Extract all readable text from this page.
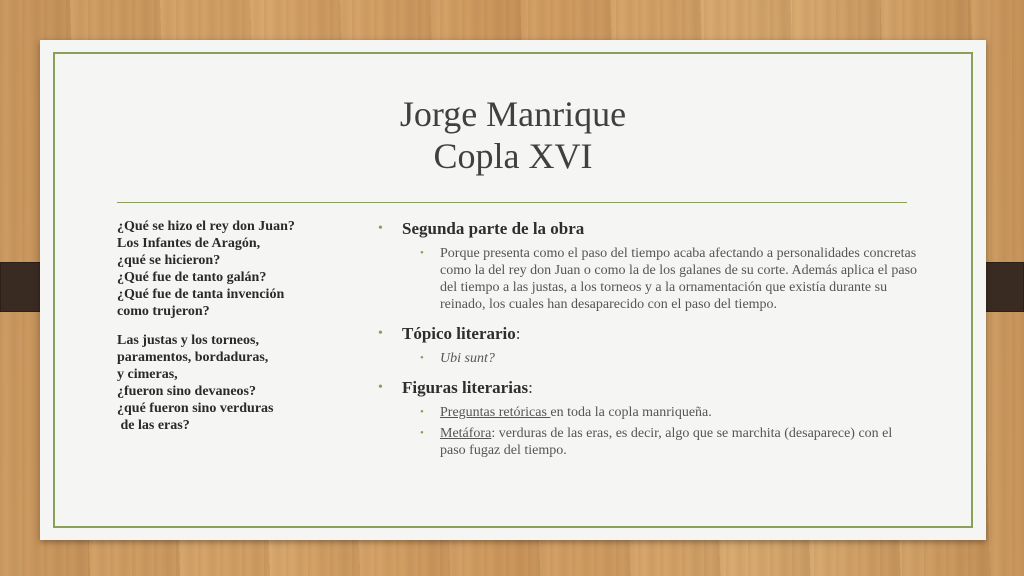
Jorge Manrique
Copla XVI
¿Qué se hizo el rey don Juan?
Los Infantes de Aragón,
¿qué se hicieron?
¿Qué fue de tanto galán?
¿Qué fue de tanta invención
como trujeron?
Las justas y los torneos,
paramentos, bordaduras,
y cimeras,
¿fueron sino devaneos?
¿qué fueron sino verduras
de las eras?
• Segunda parte de la obra
• Porque presenta como el paso del tiempo acaba afectando a personalidades concretas como la del rey don Juan o como la de los galanes de su corte. Además aplica el paso del tiempo a las justas, a los torneos y a la ornamentación que existía durante su reinado, los cuales han desaparecido con el paso del tiempo.
• Tópico literario:
• Ubi sunt?
• Figuras literarias:
• Preguntas retóricas en toda la copla manriqueña.
• Metáfora: verduras de las eras, es decir, algo que se marchita (desaparece) con el paso fugaz del tiempo.
